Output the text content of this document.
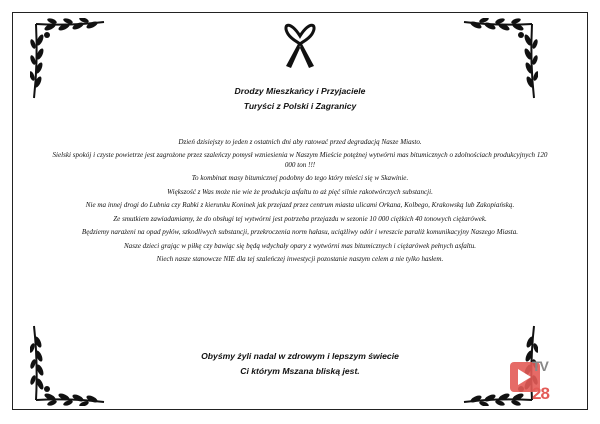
Drodzy Mieszkańcy i Przyjaciele
Turyści z Polski i Zagranicy

Dzień dzisiejszy to jeden z ostatnich dni aby ratować przed degradacją Nasze Miasto.

Sielski spokój i czyste powietrze jest zagrożone przez szaleńczy pomysł wzniesienia w Naszym Mieście potężnej wytwórni mas bitumicznych o zdolnościach produkcyjnych 120 000 ton !!!

To kombinat masy bitumicznej podobny do tego który mieści się w Skawinie.

Większość z Was może nie wie że produkcja asfaltu to aż pięć silnie rakotwórczych substancji.

Nie ma innej drogi do Lubnia czy Rabki z kierunku Koninek jak przejazd przez centrum miasta ulicami Orkana, Kolbego, Krakowską lub Zakopiańską.

Ze smutkiem zawiadamiamy, że do obsługi tej wytwórni jest potrzeba przejazdu w sezonie 10 000 ciężkich 40 tonowych ciężarówek.

Będziemy narażeni na opad pyłów, szkodliwych substancji, przekroczenia norm hałasu, uciążliwy odór i wreszcie paraliż komunikacyjny Naszego Miasta.

Nasze dzieci grając w piłkę czy bawiąc się będą wdychały opary z wytwórni mas bitumicznych i ciężarówek pełnych asfaltu.

Niech nasze stanowcze NIE dla tej szaleńczej inwestycji pozostanie naszym celem a nie tylko hasłem.

Obyśmy żyli nadal w zdrowym i lepszym świecie
Ci którym Mszana bliską jest.	TV
28
